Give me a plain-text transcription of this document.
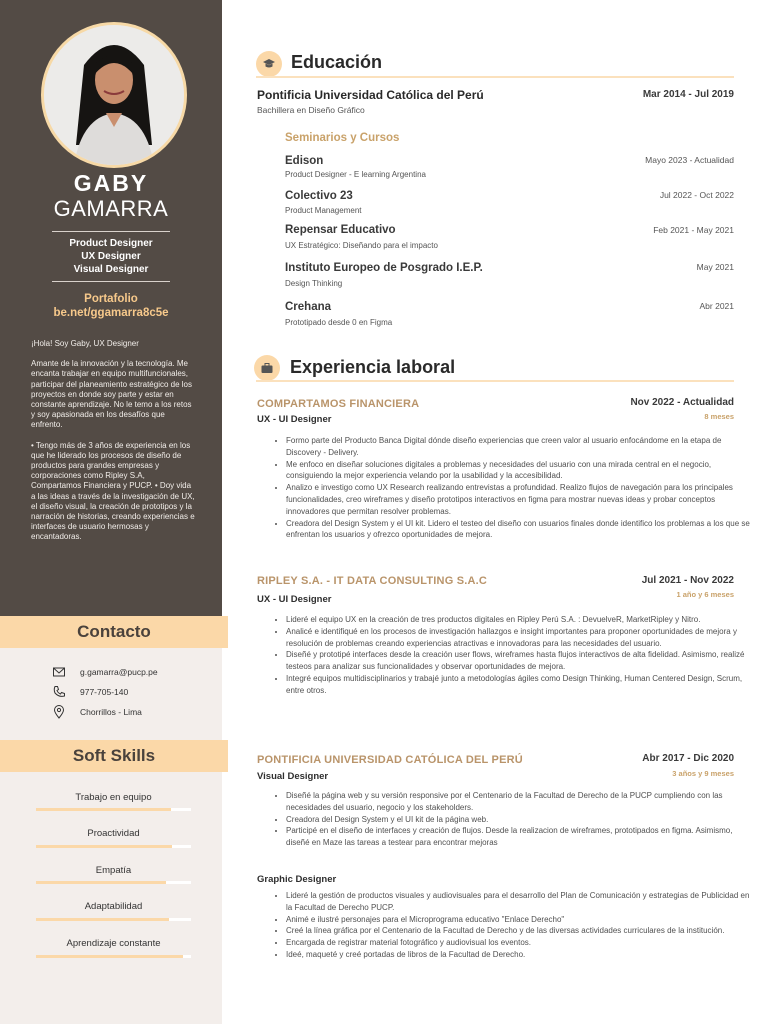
GABY
GAMARRA
Product Designer
UX Designer
Visual Designer
Portafolio
be.net/ggamarra8c5e

¡Hola! Soy Gaby, UX Designer

Amante de la innovación y la tecnología. Me encanta trabajar en equipo multifuncionales, participar del planeamiento estratégico de los proyectos en donde soy parte y estar en constante aprendizaje. No le temo a los retos y soy apasionada en los desafíos que enfrento.

• Tengo más de 3 años de experiencia en los que he liderado los procesos de diseño de productos para grandes empresas y corporaciones como Ripley S.A, Compartamos Financiera y PUCP. • Doy vida a las ideas a través de la investigación de UX, el diseño visual, la creación de prototipos y la narración de historias, creando experiencias e interfaces de usuario hermosas y encantadoras.

Contacto
g.gamarra@pucp.pe
977-705-140
Chorrillos - Lima
Soft Skills
Trabajo en equipo
Proactividad
Empatía
Adaptabilidad
Aprendizaje constante
Educación
Pontificia Universidad Católica del Perú	Mar 2014 - Jul 2019
Bachillera en Diseño Gráfico
Seminarios y Cursos
Edison
Product Designer - E learning Argentina
Mayo 2023 - Actualidad
Colectivo 23
Product Management
Jul 2022 - Oct 2022
Repensar Educativo
UX Estratégico: Diseñando para el impacto
Feb 2021 - May 2021
Instituto Europeo de Posgrado I.E.P.
Design Thinking
May 2021
Crehana
Prototipado desde 0 en Figma
Abr 2021
Experiencia laboral
COMPARTAMOS FINANCIERA	Nov 2022 - Actualidad
UX - UI Designer	8 meses
• Formo parte del Producto Banca Digital dónde diseño experiencias que creen valor al usuario enfocándome en la etapa de Discovery - Delivery.
• Me enfoco en diseñar soluciones digitales a problemas y necesidades del usuario con una mirada central en el negocio, consiguiendo la mejor experiencia velando por la usabilidad y la accesibilidad.
• Analizo e investigo como UX Research realizando entrevistas a profundidad. Realizo flujos de navegación para los principales funcionalidades, creo wireframes y diseño prototipos interactivos en figma para mostrar nuevas ideas y probar conceptos innovadores que permitan resolver problemas.
• Creadora del Design System y el UI kit. Lidero el testeo del diseño con usuarios finales donde identifico los problemas a los que se enfrentan los usuarios y ofrezco oportunidades de mejora.
RIPLEY S.A. - IT DATA CONSULTING S.A.C	Jul 2021 - Nov 2022
UX - UI Designer	1 año y 6 meses
• Lideré el equipo UX en la creación de tres productos digitales en Ripley Perú S.A. : DevuelveR, MarketRipley y Nitro.
• Analicé e identifiqué en los procesos de investigación hallazgos e insight importantes para proponer oportunidades de mejora y resolución de problemas creando experiencias atractivas e innovadoras para las necesidades del usuario.
• Diseñé y prototipé interfaces desde la creación user flows, wireframes hasta flujos interactivos de alta fidelidad. Asimismo, realizé testeos para analizar sus funcionalidades y observar oportunidades de mejora.
• Integré equipos multidisciplinarios y trabajé junto a metodologías ágiles como Design Thinking, Human Centered Design, Scrum, entre otros.
PONTIFICIA UNIVERSIDAD CATÓLICA DEL PERÚ	Abr 2017 - Dic 2020
Visual Designer	3 años y 9 meses
• Diseñé la página web y su versión responsive por el Centenario de la Facultad de Derecho de la PUCP cumpliendo con las necesidades del usuario, negocio y los stakeholders.
• Creadora del Design System y el UI kit de la página web.
• Participé en el diseño de interfaces y creación de flujos. Desde la realizacion de wireframes, prototipados en figma. Asimismo, diseñé en Maze las tareas a testear para encontrar mejoras
Graphic Designer
• Lideré la gestión de productos visuales y audiovisuales para el desarrollo del Plan de Comunicación y estrategias de Publicidad en la Facultad de Derecho PUCP.
• Animé e ilustré personajes para el Microprograma educativo "Enlace Derecho"
• Creé la línea gráfica por el Centenario de la Facultad de Derecho y de las diversas actividades curriculares de la institución.
• Encargada de registrar material fotográfico y audiovisual los eventos.
• Ideé, maqueté y creé portadas de libros de la Facultad de Derecho.
